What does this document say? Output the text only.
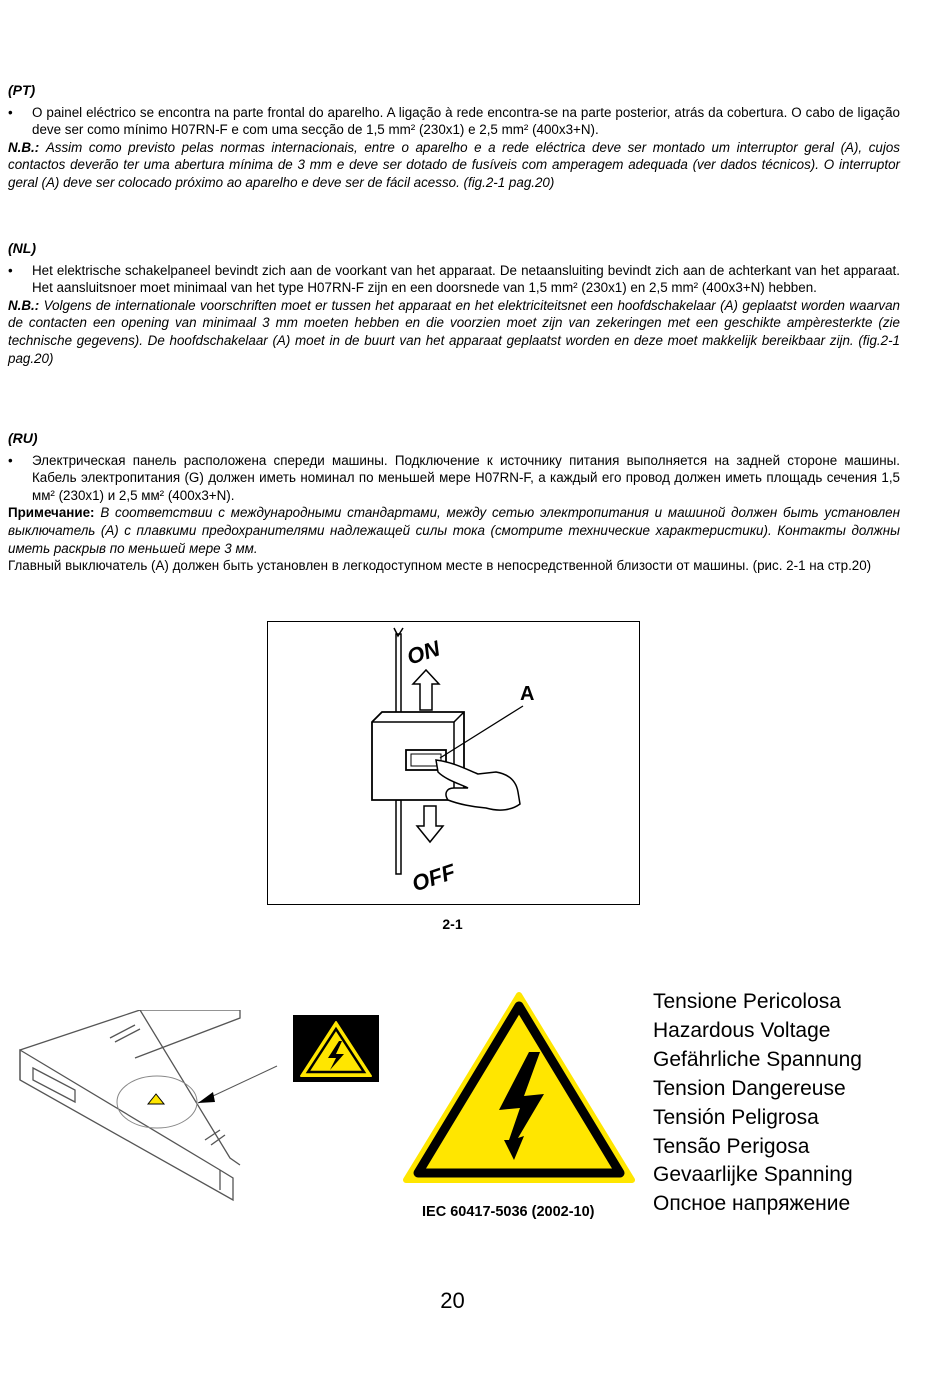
(PT)
• O painel eléctrico se encontra na parte frontal do aparelho. A ligação à rede encontra-se na parte posterior, atrás da cobertura. O cabo de ligação deve ser como mínimo H07RN-F e com uma secção de 1,5 mm² (230x1) e 2,5 mm² (400x3+N).
N.B.: Assim como previsto pelas normas internacionais, entre o aparelho e a rede eléctrica deve ser montado um interruptor geral (A), cujos contactos deverão ter uma abertura mínima de 3 mm e deve ser dotado de fusíveis com amperagem adequada (ver dados técnicos). O interruptor geral (A) deve ser colocado próximo ao aparelho e deve ser de fácil acesso. (fig.2-1 pag.20)
(NL)
• Het elektrische schakelpaneel bevindt zich aan de voorkant van het apparaat. De netaansluiting bevindt zich aan de achterkant van het apparaat. Het aansluitsnoer moet minimaal van het type H07RN-F zijn en een doorsnede van 1,5 mm² (230x1) en 2,5 mm² (400x3+N) hebben.
N.B.: Volgens de internationale voorschriften moet er tussen het apparaat en het elektriciteitsnet een hoofdschakelaar (A) geplaatst worden waarvan de contacten een opening van minimaal 3 mm moeten hebben en die voorzien moet zijn van zekeringen met een geschikte ampèresterkte (zie technische gegevens). De hoofdschakelaar (A) moet in de buurt van het apparaat geplaatst worden en deze moet makkelijk bereikbaar zijn. (fig.2-1 pag.20)
(RU)
• Электрическая панель расположена спереди машины. Подключение к источнику питания выполняется на задней стороне машины. Кабель электропитания (G) должен иметь номинал по меньшей мере H07RN-F, а каждый его провод должен иметь площадь сечения 1,5 мм² (230x1) и 2,5 мм² (400x3+N).
Примечание: В соответствии с международными стандартами, между сетью электропитания и машиной должен быть установлен выключатель (A) с плавкими предохранителями надлежащей силы тока (смотрите технические характеристики). Контакты должны иметь раскрыв по меньшей мере 3 мм.
Главный выключатель (A) должен быть установлен в легкодоступном месте в непосредственной близости от машины. (рис. 2-1 на стр.20)
ON
A
OFF
2-1
IEC 60417-5036 (2002-10)
Tensione Pericolosa
Hazardous Voltage
Gefährliche Spannung
Tension Dangereuse
Tensión Peligrosa
Tensão Perigosa
Gevaarlijke Spanning
Опсное напряжение
20
